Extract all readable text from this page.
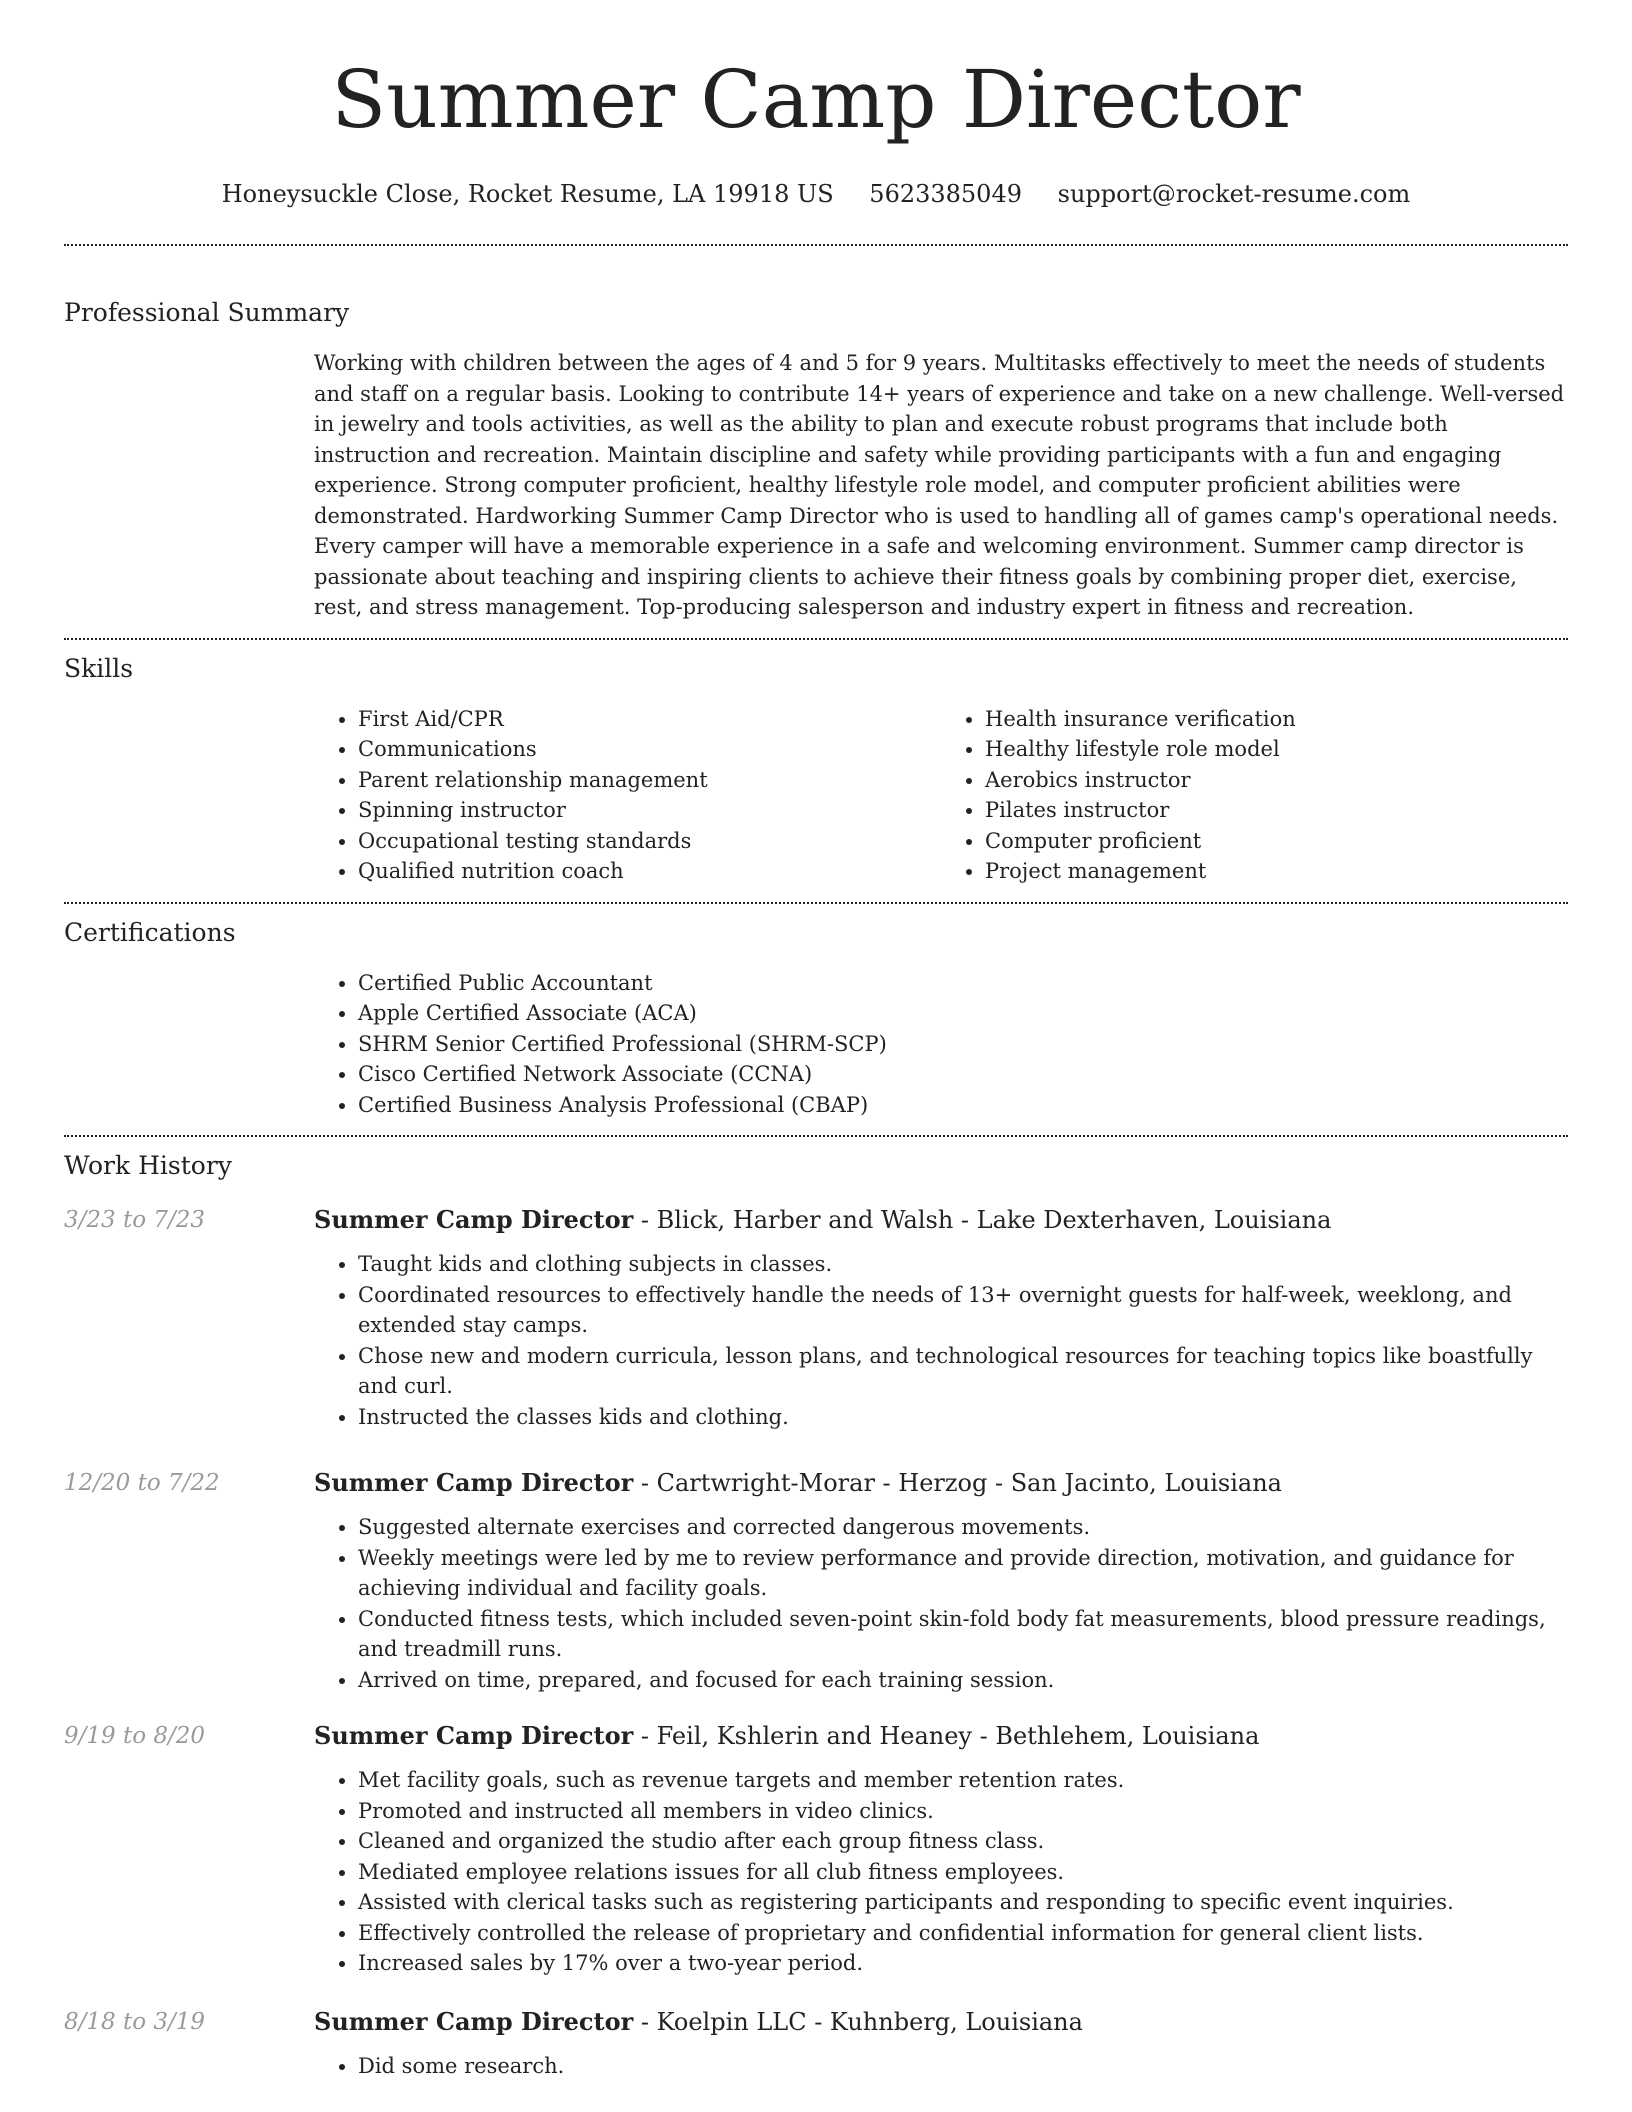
Summer Camp Director
Honeysuckle Close, Rocket Resume, LA 19918 US 5623385049 support@rocket-resume.com
Professional Summary

Working with children between the ages of 4 and 5 for 9 years. Multitasks effectively to meet the needs of students and staff on a regular basis. Looking to contribute 14+ years of experience and take on a new challenge. Well-versed in jewelry and tools activities, as well as the ability to plan and execute robust programs that include both instruction and recreation. Maintain discipline and safety while providing participants with a fun and engaging experience. Strong computer proficient, healthy lifestyle role model, and computer proficient abilities were demonstrated. Hardworking Summer Camp Director who is used to handling all of games camp's operational needs. Every camper will have a memorable experience in a safe and welcoming environment. Summer camp director is passionate about teaching and inspiring clients to achieve their fitness goals by combining proper diet, exercise, rest, and stress management. Top-producing salesperson and industry expert in fitness and recreation.

Skills
• First Aid/CPR
• Communications
• Parent relationship management
• Spinning instructor
• Occupational testing standards
• Qualified nutrition coach
• Health insurance verification
• Healthy lifestyle role model
• Aerobics instructor
• Pilates instructor
• Computer proficient
• Project management
Certifications
• Certified Public Accountant
• Apple Certified Associate (ACA)
• SHRM Senior Certified Professional (SHRM-SCP)
• Cisco Certified Network Associate (CCNA)
• Certified Business Analysis Professional (CBAP)
Work History
3/23 to 7/23	Summer Camp Director - Blick, Harber and Walsh - Lake Dexterhaven, Louisiana

• Taught kids and clothing subjects in classes.
• Coordinated resources to effectively handle the needs of 13+ overnight guests for half-week, weeklong, and extended stay camps.
• Chose new and modern curricula, lesson plans, and technological resources for teaching topics like boastfully and curl.
• Instructed the classes kids and clothing.
12/20 to 7/22	Summer Camp Director - Cartwright-Morar - Herzog - San Jacinto, Louisiana

• Suggested alternate exercises and corrected dangerous movements.
• Weekly meetings were led by me to review performance and provide direction, motivation, and guidance for achieving individual and facility goals.
• Conducted fitness tests, which included seven-point skin-fold body fat measurements, blood pressure readings, and treadmill runs.
• Arrived on time, prepared, and focused for each training session.
9/19 to 8/20	Summer Camp Director - Feil, Kshlerin and Heaney - Bethlehem, Louisiana

• Met facility goals, such as revenue targets and member retention rates.
• Promoted and instructed all members in video clinics.
• Cleaned and organized the studio after each group fitness class.
• Mediated employee relations issues for all club fitness employees.
• Assisted with clerical tasks such as registering participants and responding to specific event inquiries.
• Effectively controlled the release of proprietary and confidential information for general client lists.
• Increased sales by 17% over a two-year period.
8/18 to 3/19	Summer Camp Director - Koelpin LLC - Kuhnberg, Louisiana

• Did some research.
